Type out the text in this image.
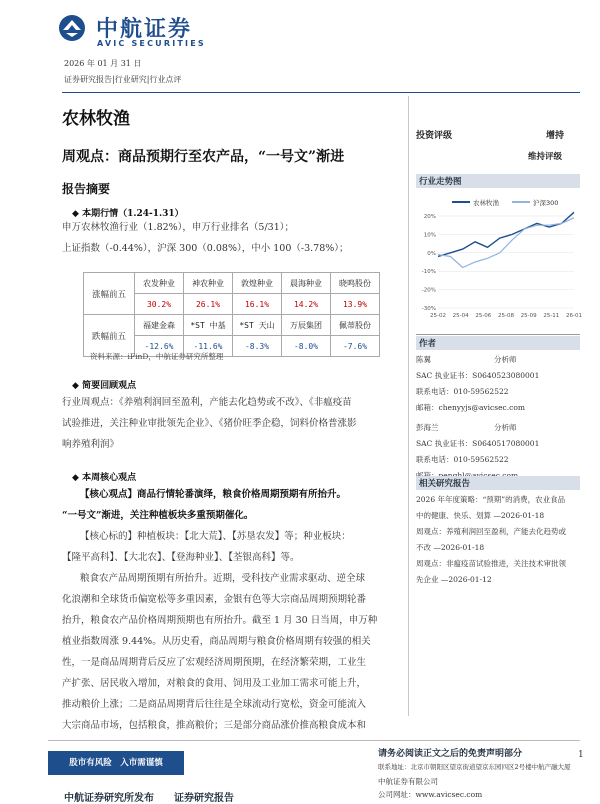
中航证券
AVIC SECURITIES
2026 年 01 月 31 日
证券研究报告|行业研究|行业点评
农林牧渔
周观点：商品预期行至农产品，“一号文”渐进
报告摘要
◆ 本期行情（1.24-1.31）
申万农林牧渔行业（1.82%），申万行业排名（5/31）；
上证指数（-0.44%），沪深 300（0.08%），中小 100（-3.78%）；
涨幅前五	农发种业	神农种业	敦煌种业	晨海种业	晓鸣股份
	30.2%	26.1%	16.1%	14.2%	13.9%
跌幅前五	福建金森	*ST 中基	*ST 天山	万辰集团	佩蒂股份
	-12.6%	-11.6%	-8.3%	-8.0%	-7.6%
资料来源：iFinD，中航证券研究所整理
◆ 简要回顾观点
行业周观点：《养殖利润回至盈利，产能去化趋势或不改》、《非瘟疫苗
试验推进，关注种业审批领先企业》、《猪价旺季企稳，饲料价格普涨影
响养殖利润》
◆ 本周核心观点
【核心观点】商品行情轮番演绎，粮食价格周期预期有所抬升。
“一号文”渐进，关注种植板块多重预期催化。
【核心标的】种植板块：【北大荒】、【苏垦农发】等；种业板块：
【隆平高科】、【大北农】、【登海种业】、【荃银高科】等。
粮食农产品周期预期有所抬升。近期，受科技产业需求驱动、逆全球
化浪潮和全球货币偏宽松等多重因素，金银有色等大宗商品周期预期轮番
抬升，粮食农产品价格周期预期也有所抬升。截至 1 月 30 日当周，申万种
植业指数周涨 9.44%。从历史看，商品周期与粮食价格周期有较强的相关
性，一是商品周期背后反应了宏观经济周期预期，在经济繁荣期，工业生
产扩张、居民收入增加，对粮食的食用、饲用及工业加工需求可能上升，
推动粮价上涨；二是商品周期背后往往是全球流动行宽松，资金可能流入
大宗商品市场，包括粮食，推高粮价；三是部分商品涨价推高粮食成本和
投资评级	增持
维持评级
行业走势图
农林牧渔	沪深300
20%
10%
0%
-10%
-20%
-30%
25-02 25-04 25-06 25-08 25-09 25-11 26-01
作者
陈翼	分析师
SAC 执业证书：S0640523080001
联系电话：010-59562522
邮箱：chenyyjs@avicsec.com
彭海兰	分析师
SAC 执业证书：S0640517080001
联系电话：010-59562522
相关研究报告
2026 年年度策略：“预期”的消费，农业食品
中的健康、快乐、划算 —2026-01-18
周观点：养殖利润回至盈利，产能去化趋势或
不改 —2026-01-18
周观点：非瘟疫苗试验推进，关注技术审批领
先企业 —2026-01-12
股市有风险　入市需谨慎
请务必阅读正文之后的免责声明部分
联系地址：北京市朝阳区望京街道望京东园四区2号楼中航产融大厦
中航证券有限公司
公司网址：www.avicsec.com
1
中航证券研究所发布　　证券研究报告
